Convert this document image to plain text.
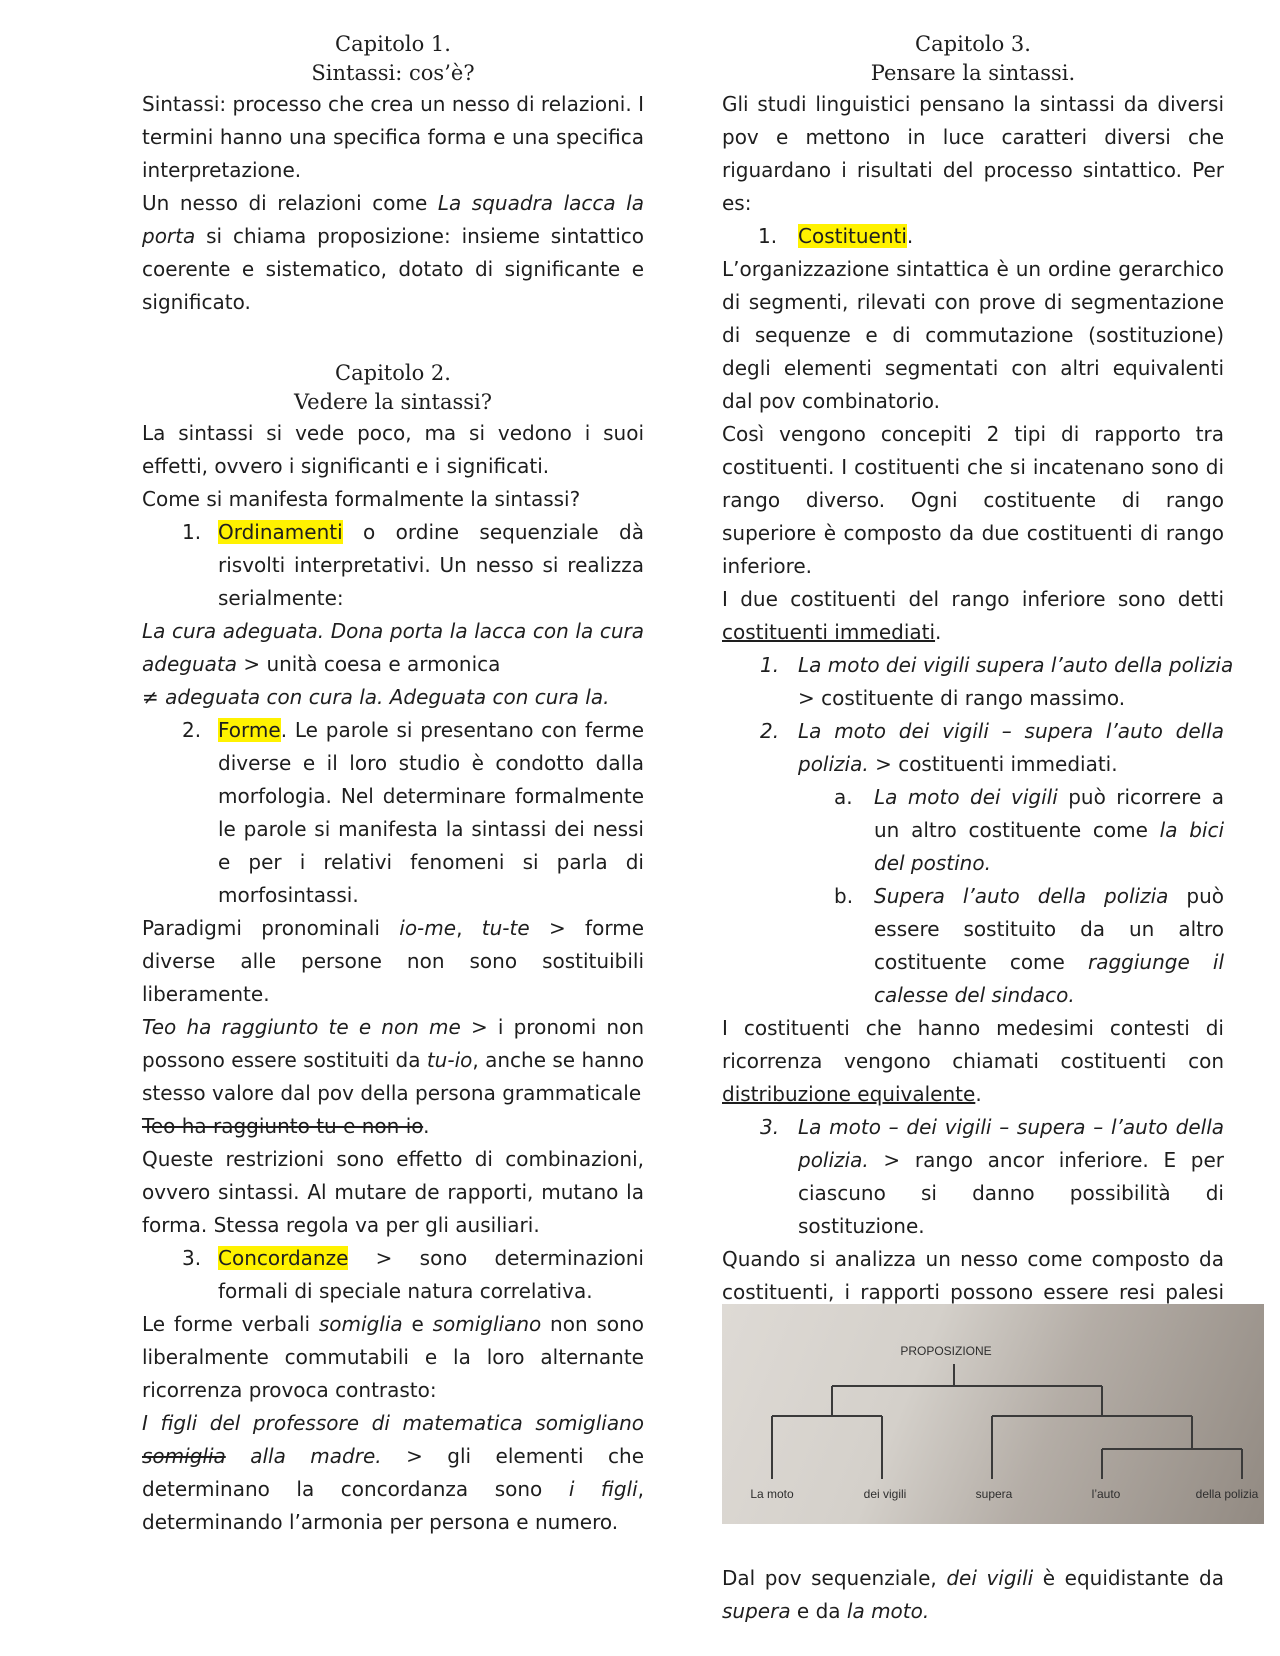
Capitolo 1.
Sintassi: cos’è?

Sintassi: processo che crea un nesso di relazioni. I termini hanno una specifica forma e una specifica interpretazione.

Un nesso di relazioni come La squadra lacca la porta si chiama proposizione: insieme sintattico coerente e sistematico, dotato di significante e significato.

Capitolo 2.
Vedere la sintassi?

La sintassi si vede poco, ma si vedono i suoi effetti, ovvero i significanti e i significati.

Come si manifesta formalmente la sintassi?

1. Ordinamenti o ordine sequenziale dà risvolti interpretativi. Un nesso si realizza serialmente:

La cura adeguata. Dona porta la lacca con la cura adeguata > unità coesa e armonica

≠ adeguata con cura la. Adeguata con cura la.

2. Forme. Le parole si presentano con ferme diverse e il loro studio è condotto dalla morfologia. Nel determinare formalmente le parole si manifesta la sintassi dei nessi e per i relativi fenomeni si parla di morfosintassi.

Paradigmi pronominali io-me, tu-te > forme diverse alle persone non sono sostituibili liberamente.

Teo ha raggiunto te e non me > i pronomi non possono essere sostituiti da tu-io, anche se hanno stesso valore dal pov della persona grammaticale

Teo ha raggiunto tu e non io.

Queste restrizioni sono effetto di combinazioni, ovvero sintassi. Al mutare de rapporti, mutano la forma. Stessa regola va per gli ausiliari.

3. Concordanze > sono determinazioni formali di speciale natura correlativa.

Le forme verbali somiglia e somigliano non sono liberalmente commutabili e la loro alternante ricorrenza provoca contrasto:

I figli del professore di matematica somigliano somiglia alla madre. > gli elementi che determinano la concordanza sono i figli, determinando l’armonia per persona e numero.

Capitolo 3.
Pensare la sintassi.

Gli studi linguistici pensano la sintassi da diversi pov e mettono in luce caratteri diversi che riguardano i risultati del processo sintattico. Per es:

1. Costituenti.

L’organizzazione sintattica è un ordine gerarchico di segmenti, rilevati con prove di segmentazione di sequenze e di commutazione (sostituzione) degli elementi segmentati con altri equivalenti dal pov combinatorio.

Così vengono concepiti 2 tipi di rapporto tra costituenti. I costituenti che si incatenano sono di rango diverso. Ogni costituente di rango superiore è composto da due costituenti di rango inferiore.

I due costituenti del rango inferiore sono detti costituenti immediati.

1. La moto dei vigili supera l’auto della polizia > costituente di rango massimo.

2. La moto dei vigili – supera l’auto della polizia. > costituenti immediati.

a. La moto dei vigili può ricorrere a un altro costituente come la bici del postino.

b. Supera l’auto della polizia può essere sostituito da un altro costituente come raggiunge il calesse del sindaco.

I costituenti che hanno medesimi contesti di ricorrenza vengono chiamati costituenti con distribuzione equivalente.

3. La moto – dei vigili – supera – l’auto della polizia. > rango ancor inferiore. E per ciascuno si danno possibilità di sostituzione.

Quando si analizza un nesso come composto da costituenti, i rapporti possono essere resi palesi

PROPOSIZIONE
La moto	dei vigili	supera	l’auto	della polizia

Dal pov sequenziale, dei vigili è equidistante da supera e da la moto.
